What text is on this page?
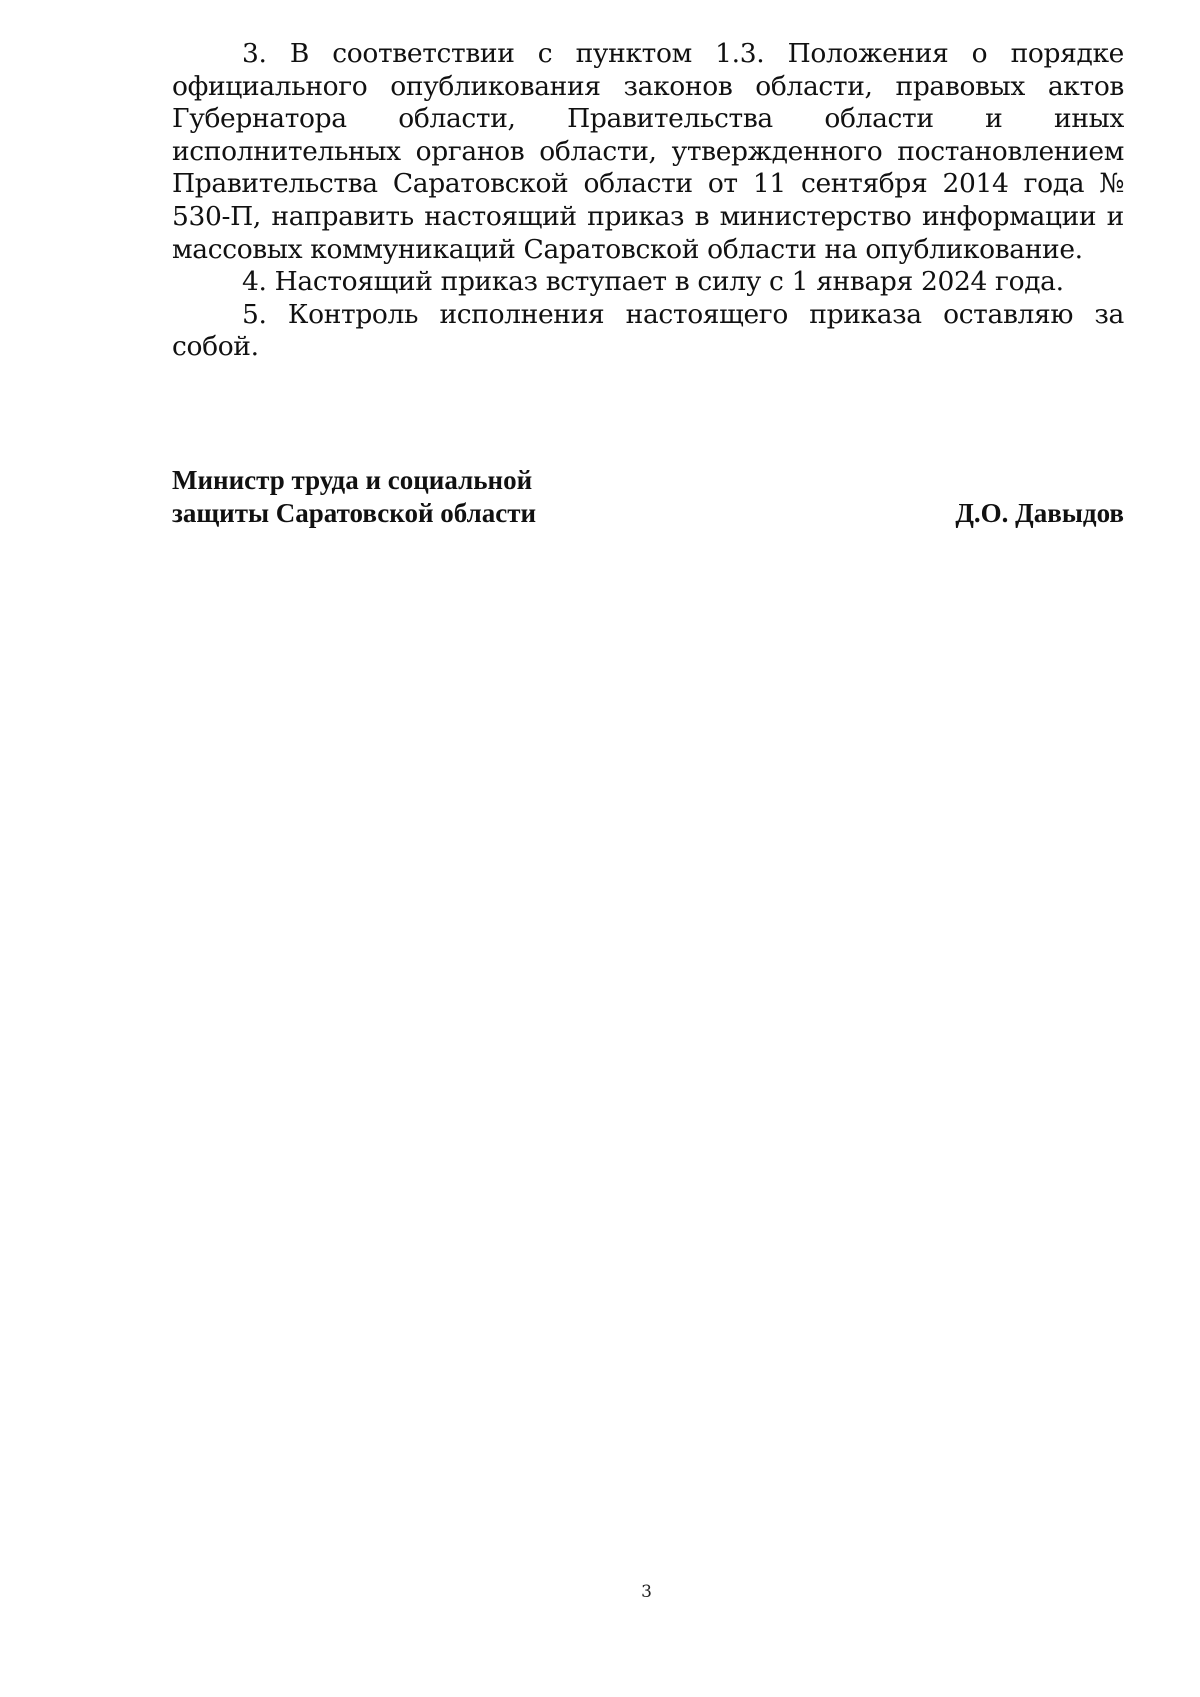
3. В соответствии с пунктом 1.3. Положения о порядке официального опубликования законов области, правовых актов Губернатора области, Правительства области и иных исполнительных органов области, утвержденного постановлением Правительства Саратовской области от 11 сентября 2014 года № 530-П, направить настоящий приказ в министерство информации и массовых коммуникаций Саратовской области на опубликование.

4. Настоящий приказ вступает в силу с 1 января 2024 года.

5. Контроль исполнения настоящего приказа оставляю за собой.

Министр труда и социальной
защиты Саратовской области	Д.О. Давыдов
3
